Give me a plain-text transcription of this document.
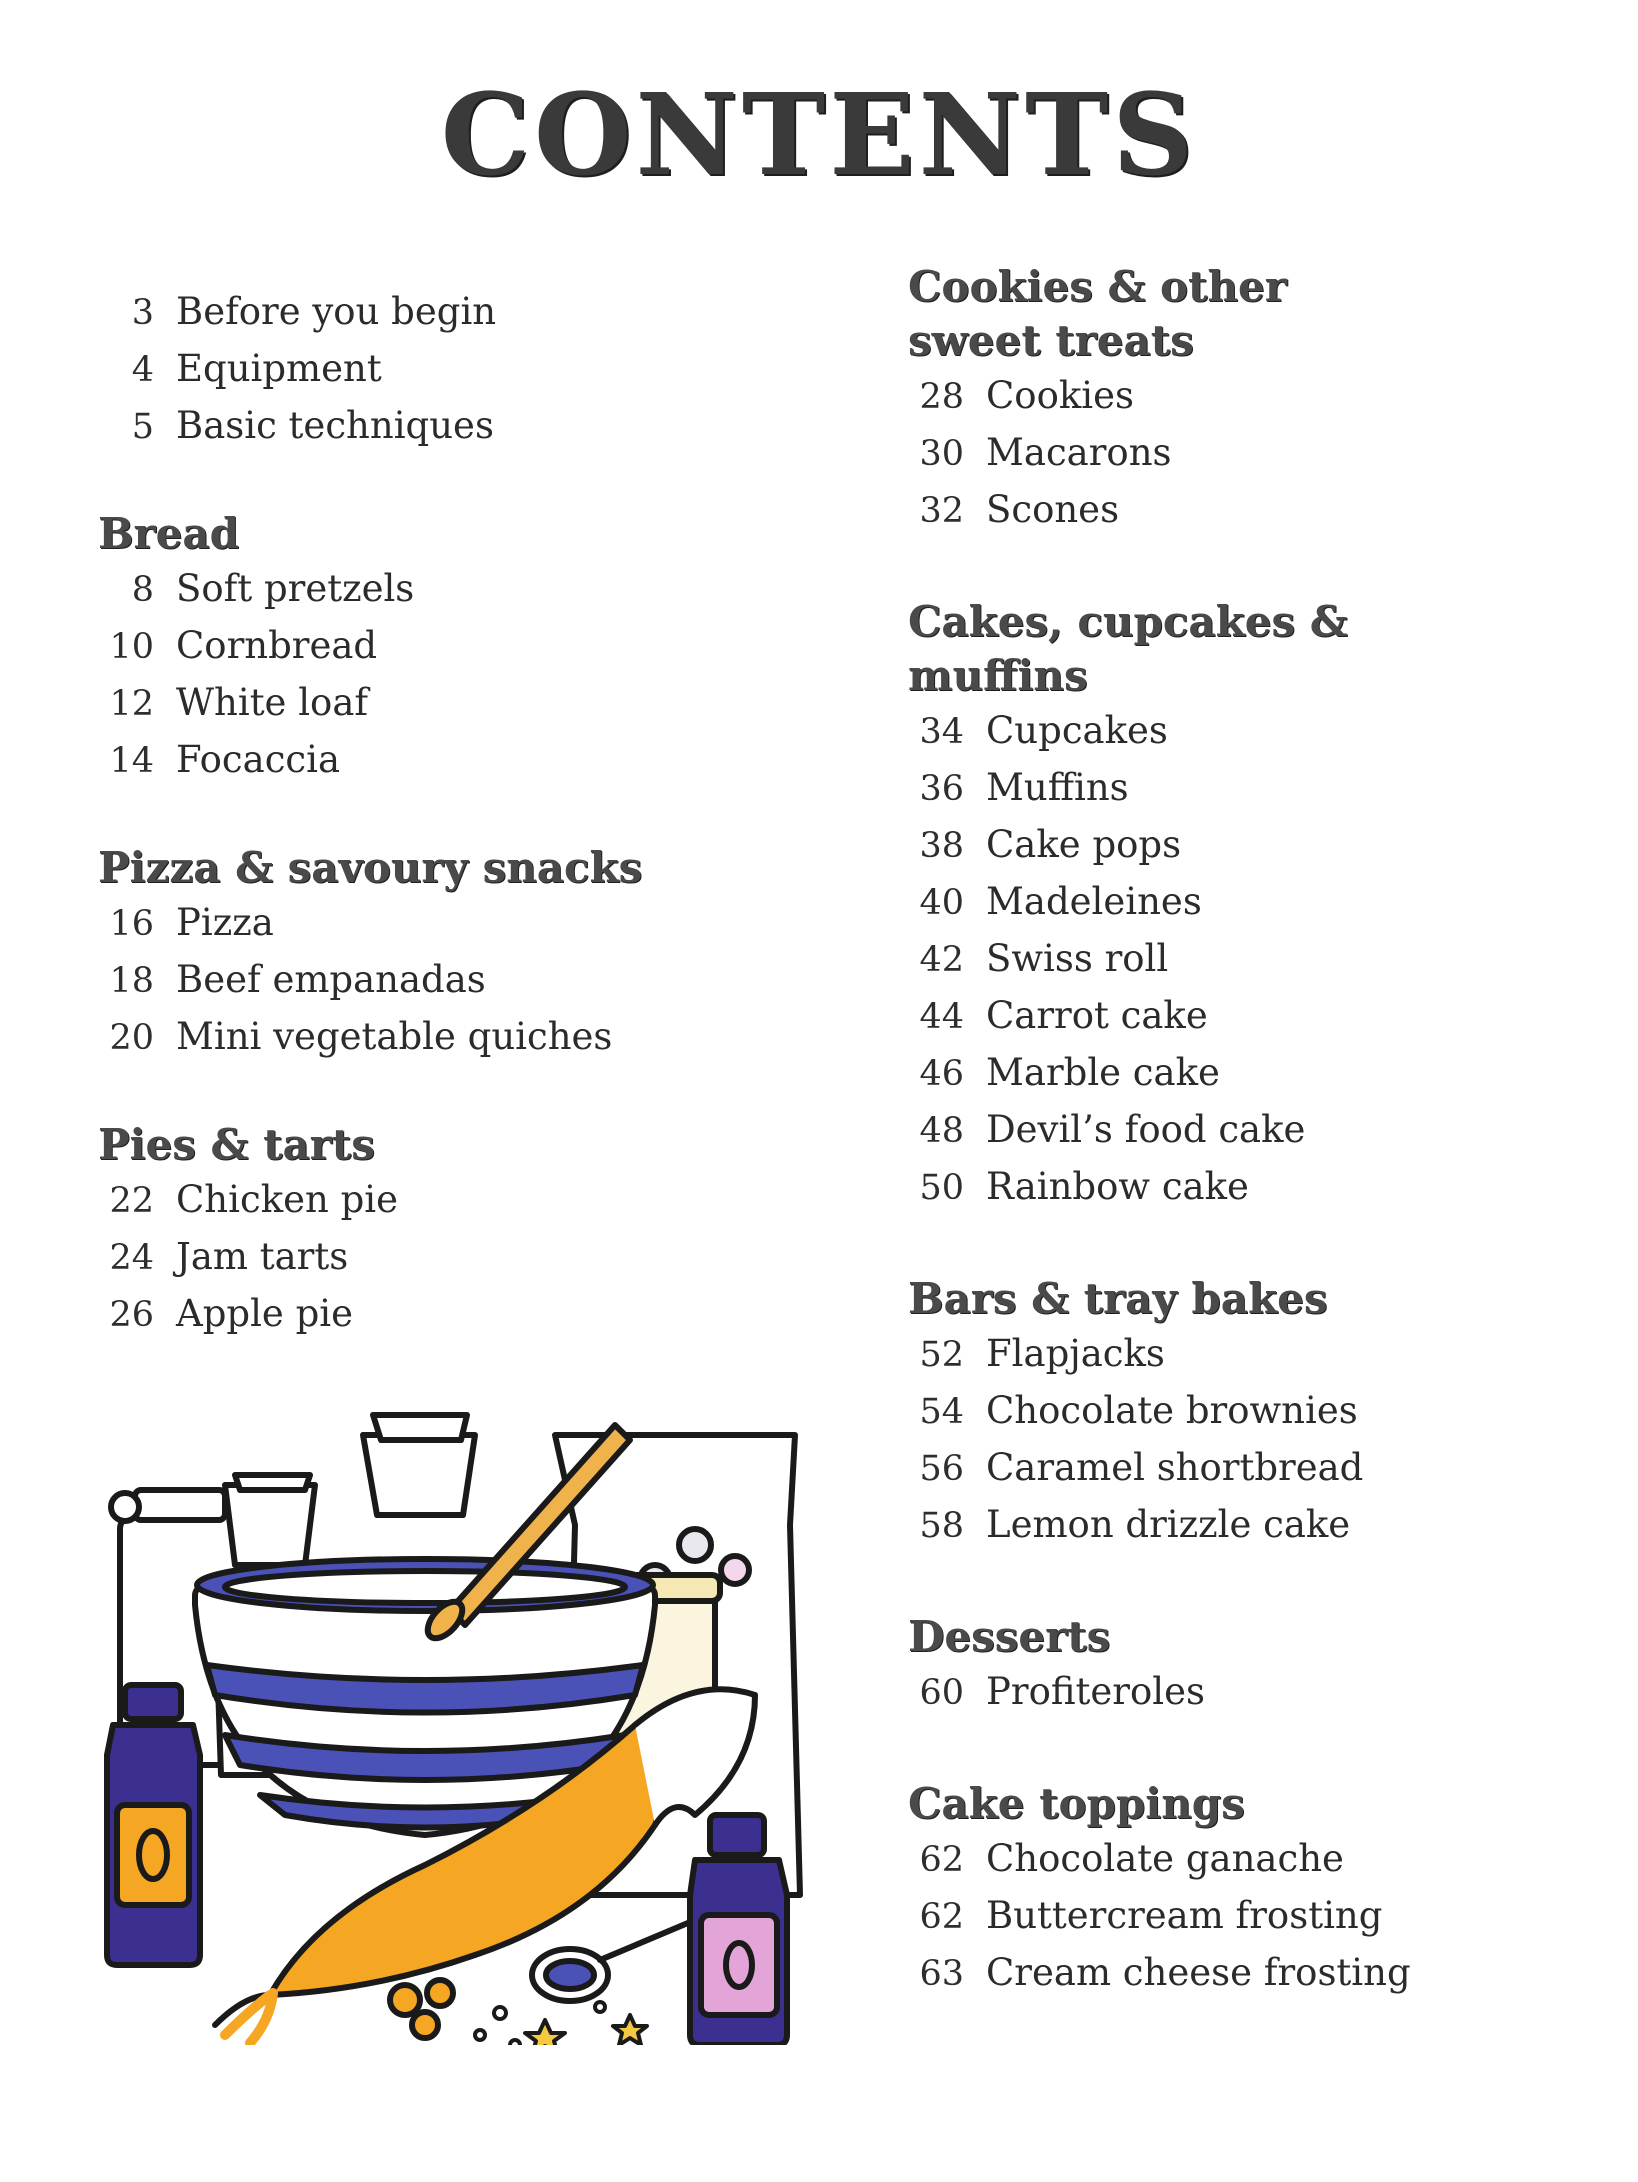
CONTENTS
3 Before you begin
4 Equipment
5 Basic techniques
Bread
8 Soft pretzels
10 Cornbread
12 White loaf
14 Focaccia
Pizza & savoury snacks
16 Pizza
18 Beef empanadas
20 Mini vegetable quiches
Pies & tarts
22 Chicken pie
24 Jam tarts
26 Apple pie
Cookies & other sweet treats
28 Cookies
30 Macarons
32 Scones
Cakes, cupcakes & muffins
34 Cupcakes
36 Muffins
38 Cake pops
40 Madeleines
42 Swiss roll
44 Carrot cake
46 Marble cake
48 Devil’s food cake
50 Rainbow cake
Bars & tray bakes
52 Flapjacks
54 Chocolate brownies
56 Caramel shortbread
58 Lemon drizzle cake
Desserts
60 Profiteroles
Cake toppings
62 Chocolate ganache
62 Buttercream frosting
63 Cream cheese frosting
